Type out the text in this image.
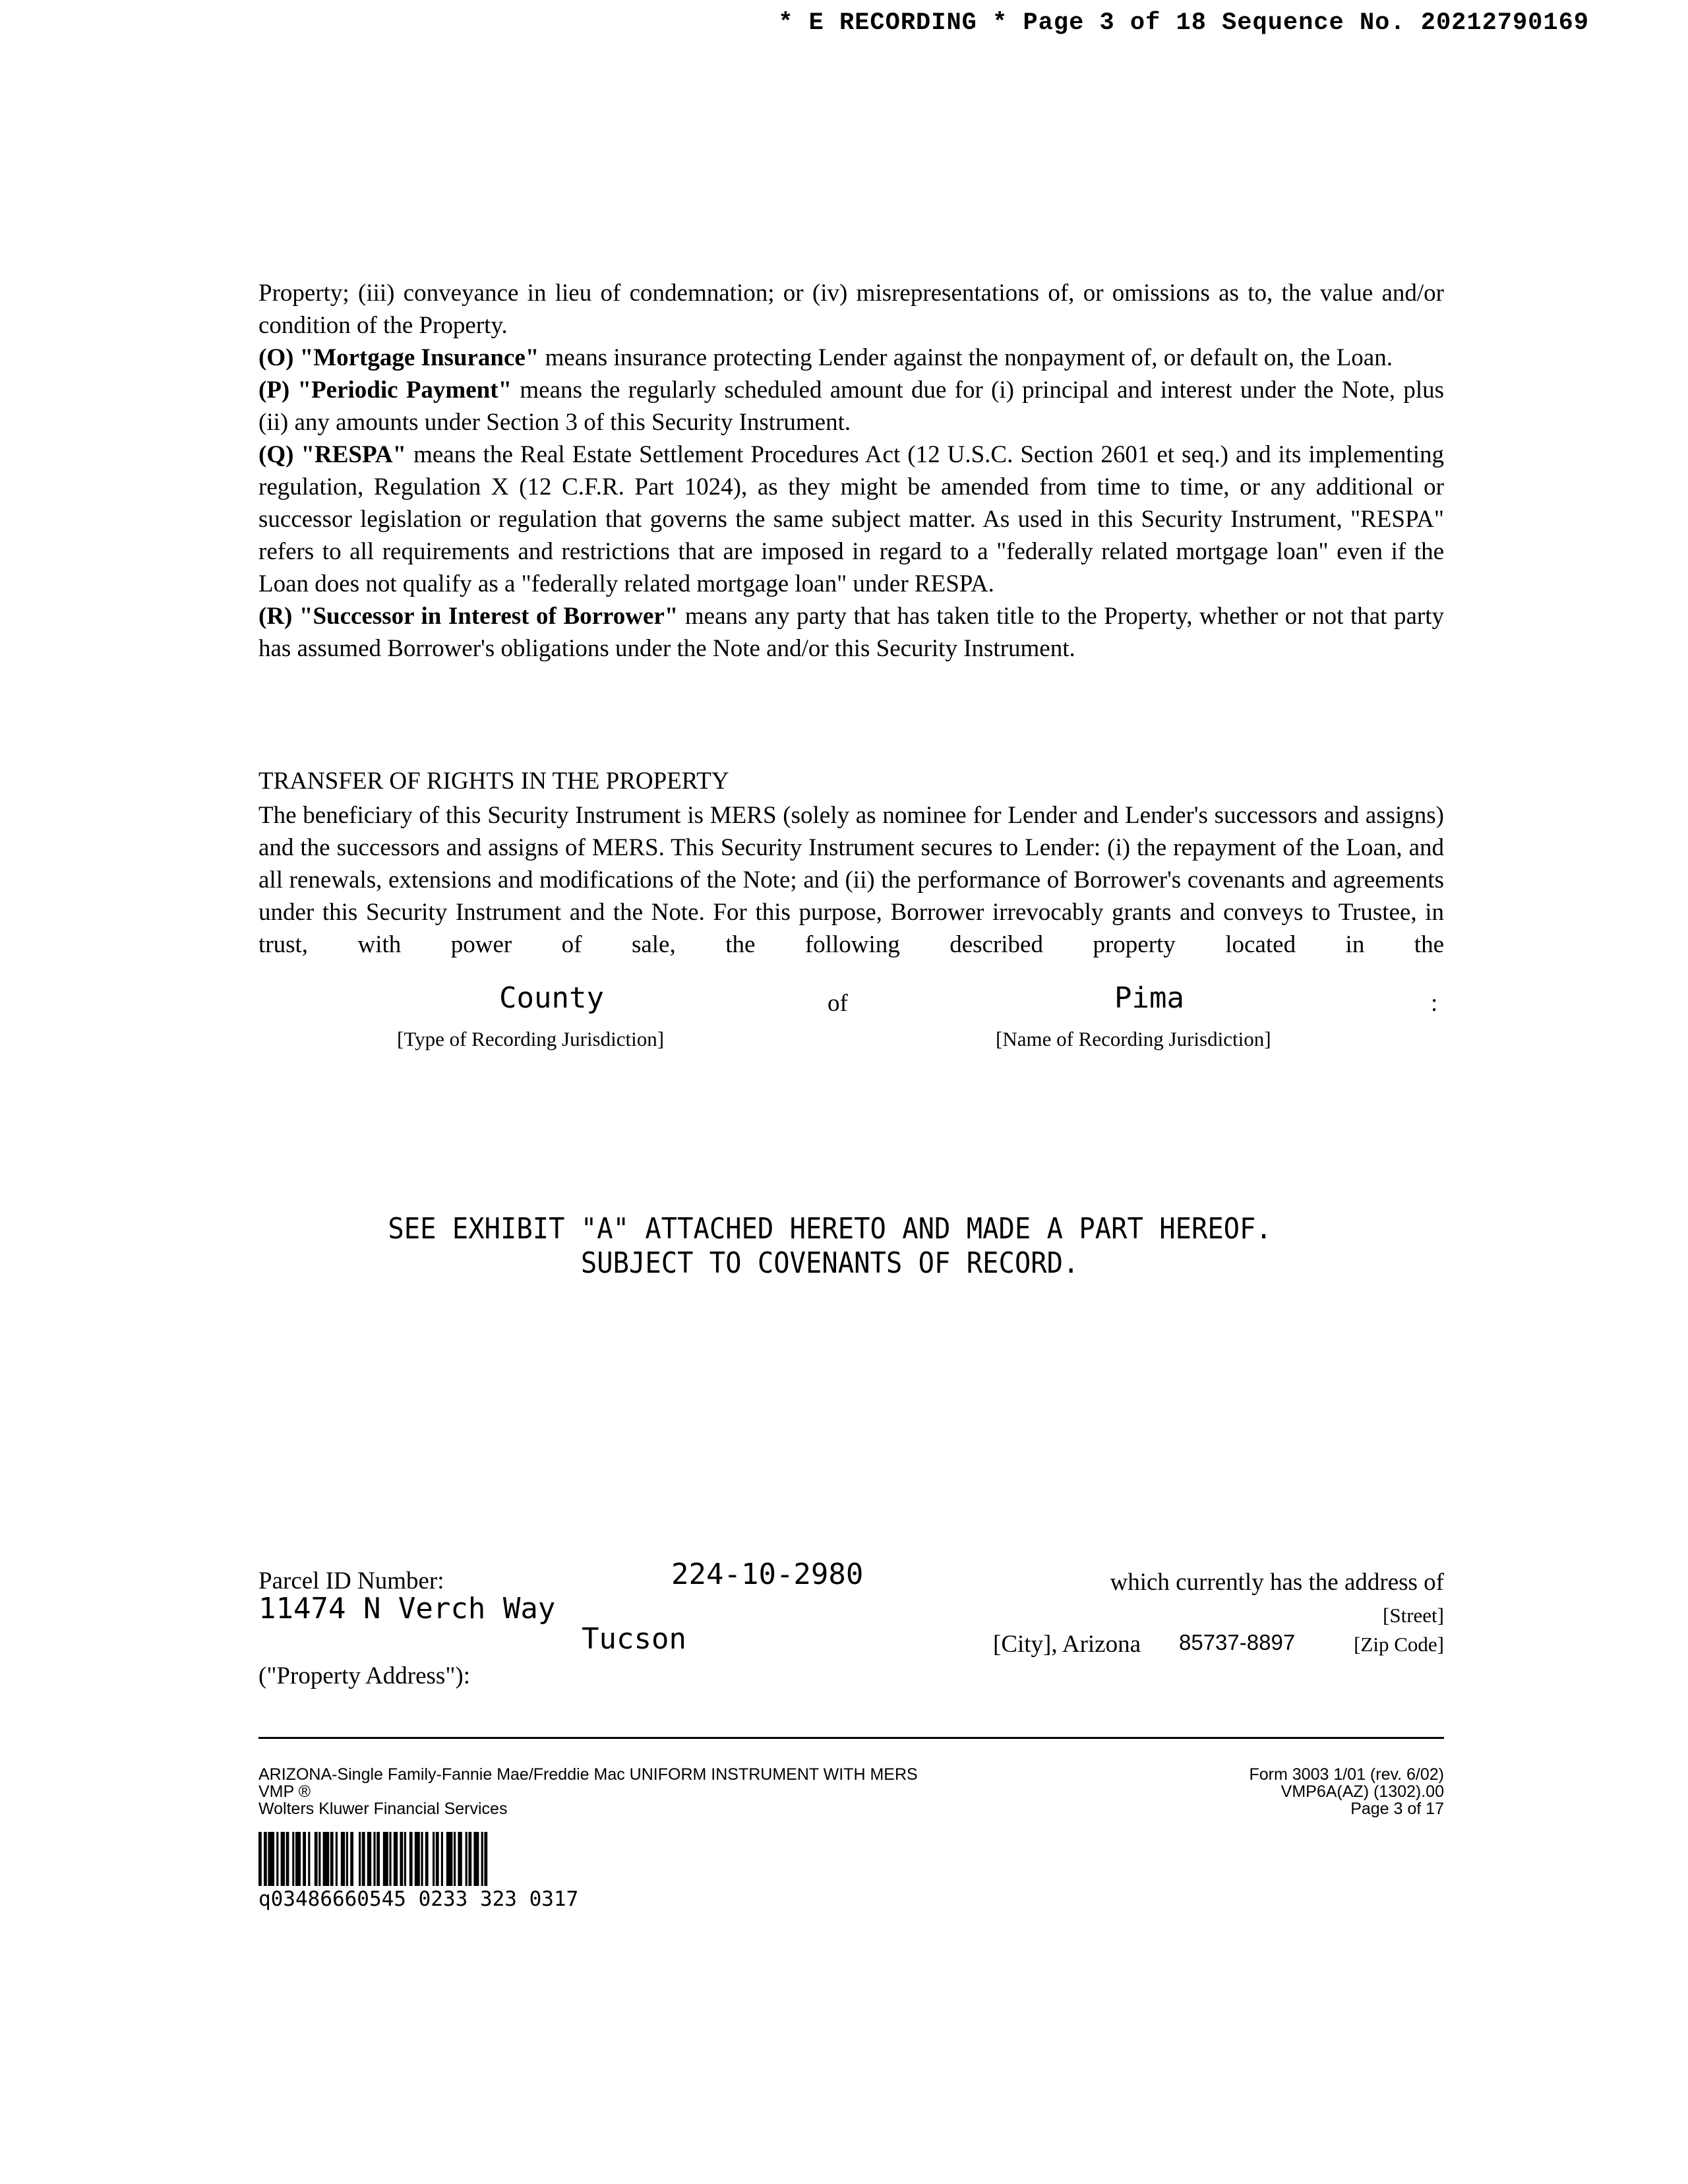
* E RECORDING * Page 3 of 18 Sequence No. 20212790169

Property; (iii) conveyance in lieu of condemnation; or (iv) misrepresentations of, or omissions as to, the value and/or condition of the Property.

(O) "Mortgage Insurance" means insurance protecting Lender against the nonpayment of, or default on, the Loan.

(P) "Periodic Payment" means the regularly scheduled amount due for (i) principal and interest under the Note, plus (ii) any amounts under Section 3 of this Security Instrument.

(Q) "RESPA" means the Real Estate Settlement Procedures Act (12 U.S.C. Section 2601 et seq.) and its implementing regulation, Regulation X (12 C.F.R. Part 1024), as they might be amended from time to time, or any additional or successor legislation or regulation that governs the same subject matter. As used in this Security Instrument, "RESPA" refers to all requirements and restrictions that are imposed in regard to a "federally related mortgage loan" even if the Loan does not qualify as a "federally related mortgage loan" under RESPA.

(R) "Successor in Interest of Borrower" means any party that has taken title to the Property, whether or not that party has assumed Borrower's obligations under the Note and/or this Security Instrument.

TRANSFER OF RIGHTS IN THE PROPERTY
The beneficiary of this Security Instrument is MERS (solely as nominee for Lender and Lender's successors and assigns) and the successors and assigns of MERS. This Security Instrument secures to Lender: (i) the repayment of the Loan, and all renewals, extensions and modifications of the Note; and (ii) the performance of Borrower's covenants and agreements under this Security Instrument and the Note. For this purpose, Borrower irrevocably grants and conveys to Trustee, in trust, with power of sale, the following described property located in the
County	of	Pima	:
[Type of Recording Jurisdiction]	[Name of Recording Jurisdiction]
SEE EXHIBIT "A" ATTACHED HERETO AND MADE A PART HEREOF.
SUBJECT TO COVENANTS OF RECORD.
Parcel ID Number:	224-10-2980	which currently has the address of
11474 N Verch Way	[Street]
Tucson	[City], Arizona 85737-8897	[Zip Code]
("Property Address"):
ARIZONA-Single Family-Fannie Mae/Freddie Mac UNIFORM INSTRUMENT WITH MERS
VMP ®
Wolters Kluwer Financial Services
Form 3003 1/01 (rev. 6/02)
VMP6A(AZ) (1302).00
Page 3 of 17
q03486660545 0233 323 0317
